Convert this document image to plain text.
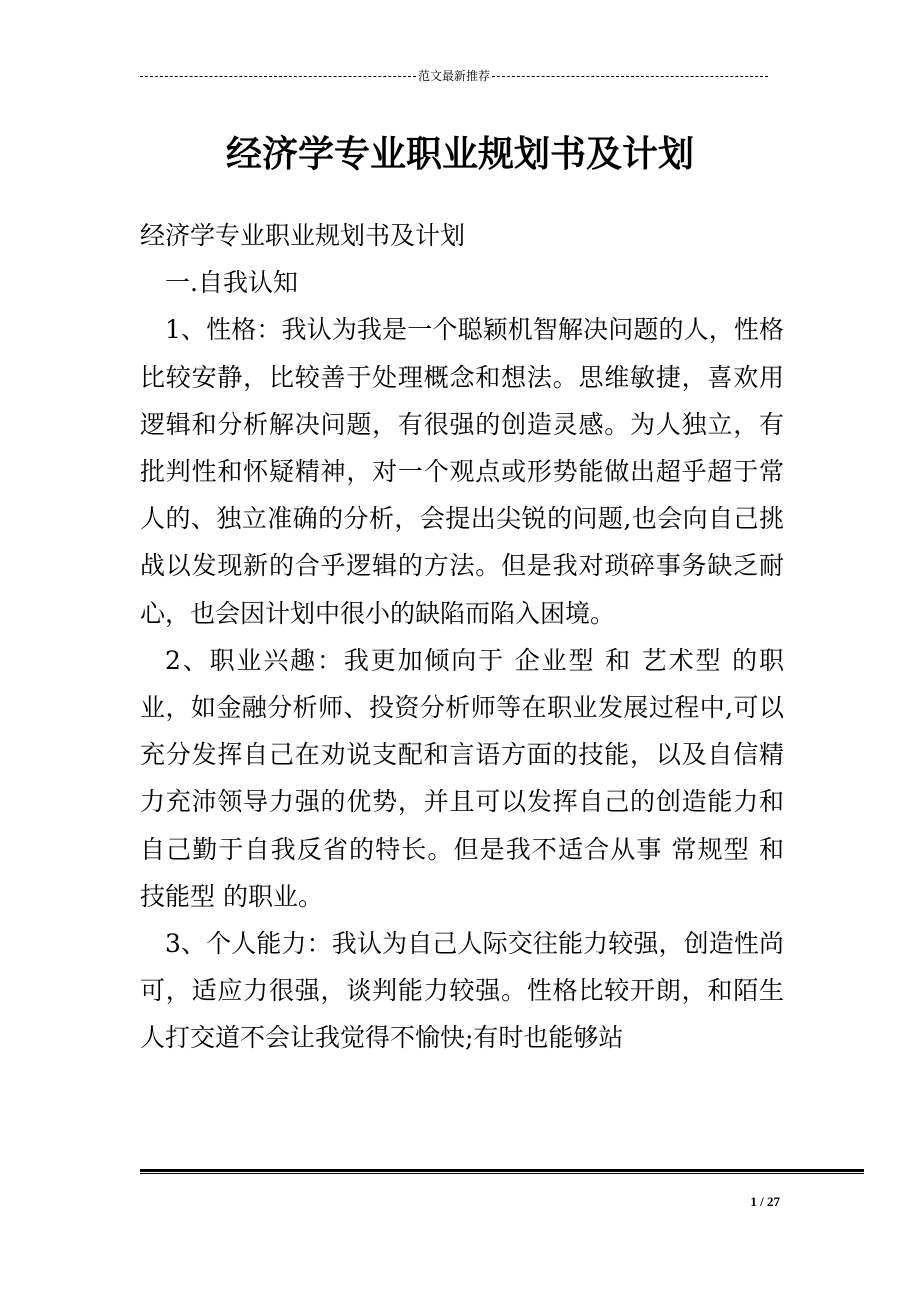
范文最新推荐
经济学专业职业规划书及计划

经济学专业职业规划书及计划

一.自我认知

1、性格：我认为我是一个聪颖机智解决问题的人，性格比较安静，比较善于处理概念和想法。思维敏捷，喜欢用逻辑和分析解决问题，有很强的创造灵感。为人独立，有批判性和怀疑精神，对一个观点或形势能做出超乎超于常人的、独立准确的分析，会提出尖锐的问题,也会向自己挑战以发现新的合乎逻辑的方法。但是我对琐碎事务缺乏耐心，也会因计划中很小的缺陷而陷入困境。

2、职业兴趣：我更加倾向于 企业型 和 艺术型 的职业，如金融分析师、投资分析师等在职业发展过程中,可以充分发挥自己在劝说支配和言语方面的技能，以及自信精力充沛领导力强的优势，并且可以发挥自己的创造能力和自己勤于自我反省的特长。但是我不适合从事 常规型 和 技能型 的职业。

3、个人能力：我认为自己人际交往能力较强，创造性尚可，适应力很强，谈判能力较强。性格比较开朗，和陌生人打交道不会让我觉得不愉快;有时也能够站

1 / 27
